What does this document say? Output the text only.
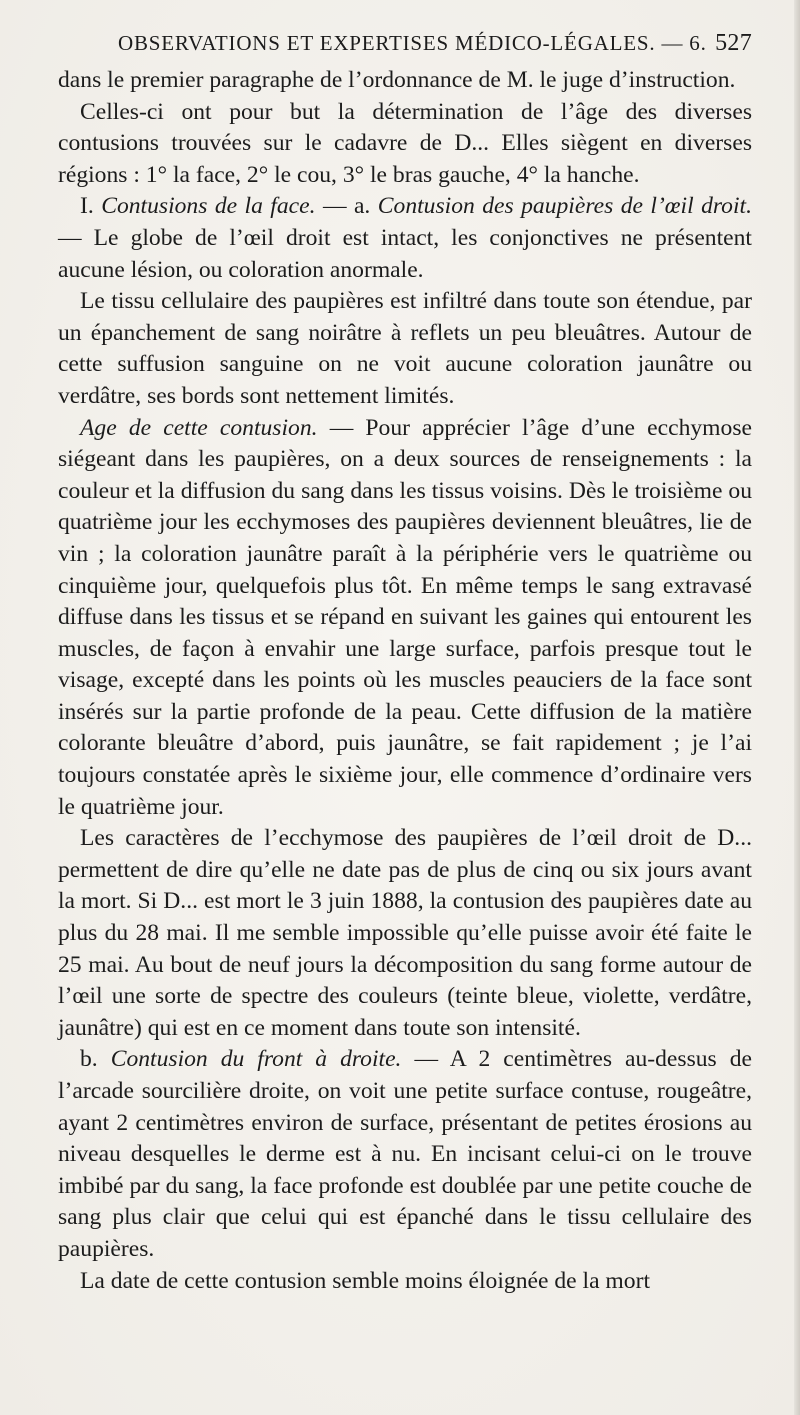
OBSERVATIONS ET EXPERTISES MÉDICO-LÉGALES. — 6. 527

dans le premier paragraphe de l’ordonnance de M. le juge d’instruction.

Celles-ci ont pour but la détermination de l’âge des diverses contusions trouvées sur le cadavre de D... Elles siègent en diverses régions : 1° la face, 2° le cou, 3° le bras gauche, 4° la hanche.

I. Contusions de la face. — a. Contusion des paupières de l’œil droit. — Le globe de l’œil droit est intact, les conjonctives ne présentent aucune lésion, ou coloration anormale.

Le tissu cellulaire des paupières est infiltré dans toute son étendue, par un épanchement de sang noirâtre à reflets un peu bleuâtres. Autour de cette suffusion sanguine on ne voit aucune coloration jaunâtre ou verdâtre, ses bords sont nettement limités.

Age de cette contusion. — Pour apprécier l’âge d’une ecchymose siégeant dans les paupières, on a deux sources de renseignements : la couleur et la diffusion du sang dans les tissus voisins. Dès le troisième ou quatrième jour les ecchymoses des paupières deviennent bleuâtres, lie de vin ; la coloration jaunâtre paraît à la périphérie vers le quatrième ou cinquième jour, quelquefois plus tôt. En même temps le sang extravasé diffuse dans les tissus et se répand en suivant les gaines qui entourent les muscles, de façon à envahir une large surface, parfois presque tout le visage, excepté dans les points où les muscles peauciers de la face sont insérés sur la partie profonde de la peau. Cette diffusion de la matière colorante bleuâtre d’abord, puis jaunâtre, se fait rapidement ; je l’ai toujours constatée après le sixième jour, elle commence d’ordinaire vers le quatrième jour.

Les caractères de l’ecchymose des paupières de l’œil droit de D... permettent de dire qu’elle ne date pas de plus de cinq ou six jours avant la mort. Si D... est mort le 3 juin 1888, la contusion des paupières date au plus du 28 mai. Il me semble impossible qu’elle puisse avoir été faite le 25 mai. Au bout de neuf jours la décomposition du sang forme autour de l’œil une sorte de spectre des couleurs (teinte bleue, violette, verdâtre, jaunâtre) qui est en ce moment dans toute son intensité.

b. Contusion du front à droite. — A 2 centimètres au-dessus de l’arcade sourcilière droite, on voit une petite surface contuse, rougeâtre, ayant 2 centimètres environ de surface, présentant de petites érosions au niveau desquelles le derme est à nu. En incisant celui-ci on le trouve imbibé par du sang, la face profonde est doublée par une petite couche de sang plus clair que celui qui est épanché dans le tissu cellulaire des paupières.

La date de cette contusion semble moins éloignée de la mort
